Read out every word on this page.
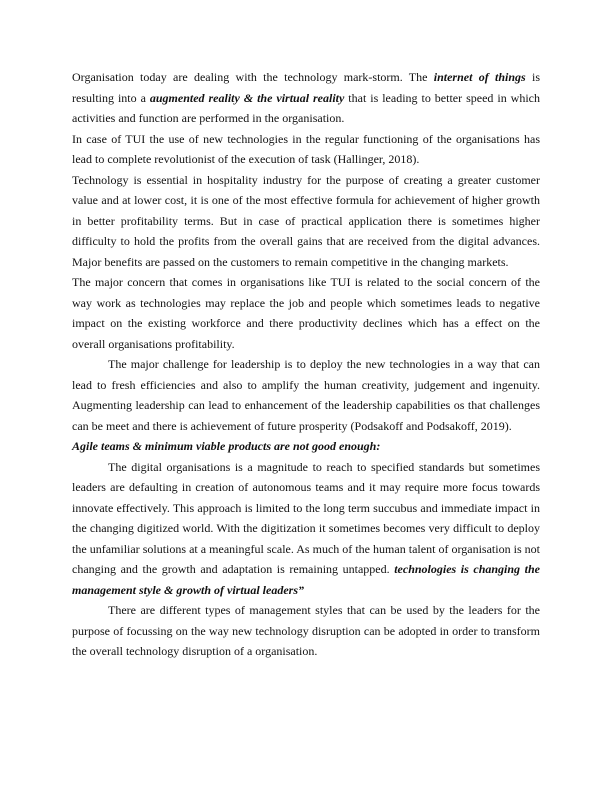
Organisation today are dealing with the technology mark-storm. The internet of things is resulting into a augmented reality & the virtual reality that is leading to better speed in which activities and function are performed in the organisation.

In case of TUI the use of new technologies in the regular functioning of the organisations has lead to complete revolutionist of the execution of task (Hallinger, 2018).

Technology is essential in hospitality industry for the purpose of creating a greater customer value and at lower cost, it is one of the most effective formula for achievement of higher growth in better profitability terms. But in case of practical application there is sometimes higher difficulty to hold the profits from the overall gains that are received from the digital advances. Major benefits are passed on the customers to remain competitive in the changing markets.

The major concern that comes in organisations like TUI is related to the social concern of the way work as technologies may replace the job and people which sometimes leads to negative impact on the existing workforce and there productivity declines which has a effect on the overall organisations profitability.

The major challenge for leadership is to deploy the new technologies in a way that can lead to fresh efficiencies and also to amplify the human creativity, judgement and ingenuity. Augmenting leadership can lead to enhancement of the leadership capabilities os that challenges can be meet and there is achievement of future prosperity (Podsakoff and Podsakoff, 2019).

Agile teams & minimum viable products are not good enough:

The digital organisations is a magnitude to reach to specified standards but sometimes leaders are defaulting in creation of autonomous teams and it may require more focus towards innovate effectively. This approach is limited to the long term succubus and immediate impact in the changing digitized world. With the digitization it sometimes becomes very difficult to deploy the unfamiliar solutions at a meaningful scale. As much of the human talent of organisation is not changing and the growth and adaptation is remaining untapped. technologies is changing the management style & growth of virtual leaders”

There are different types of management styles that can be used by the leaders for the purpose of focussing on the way new technology disruption can be adopted in order to transform the overall technology disruption of a organisation.
